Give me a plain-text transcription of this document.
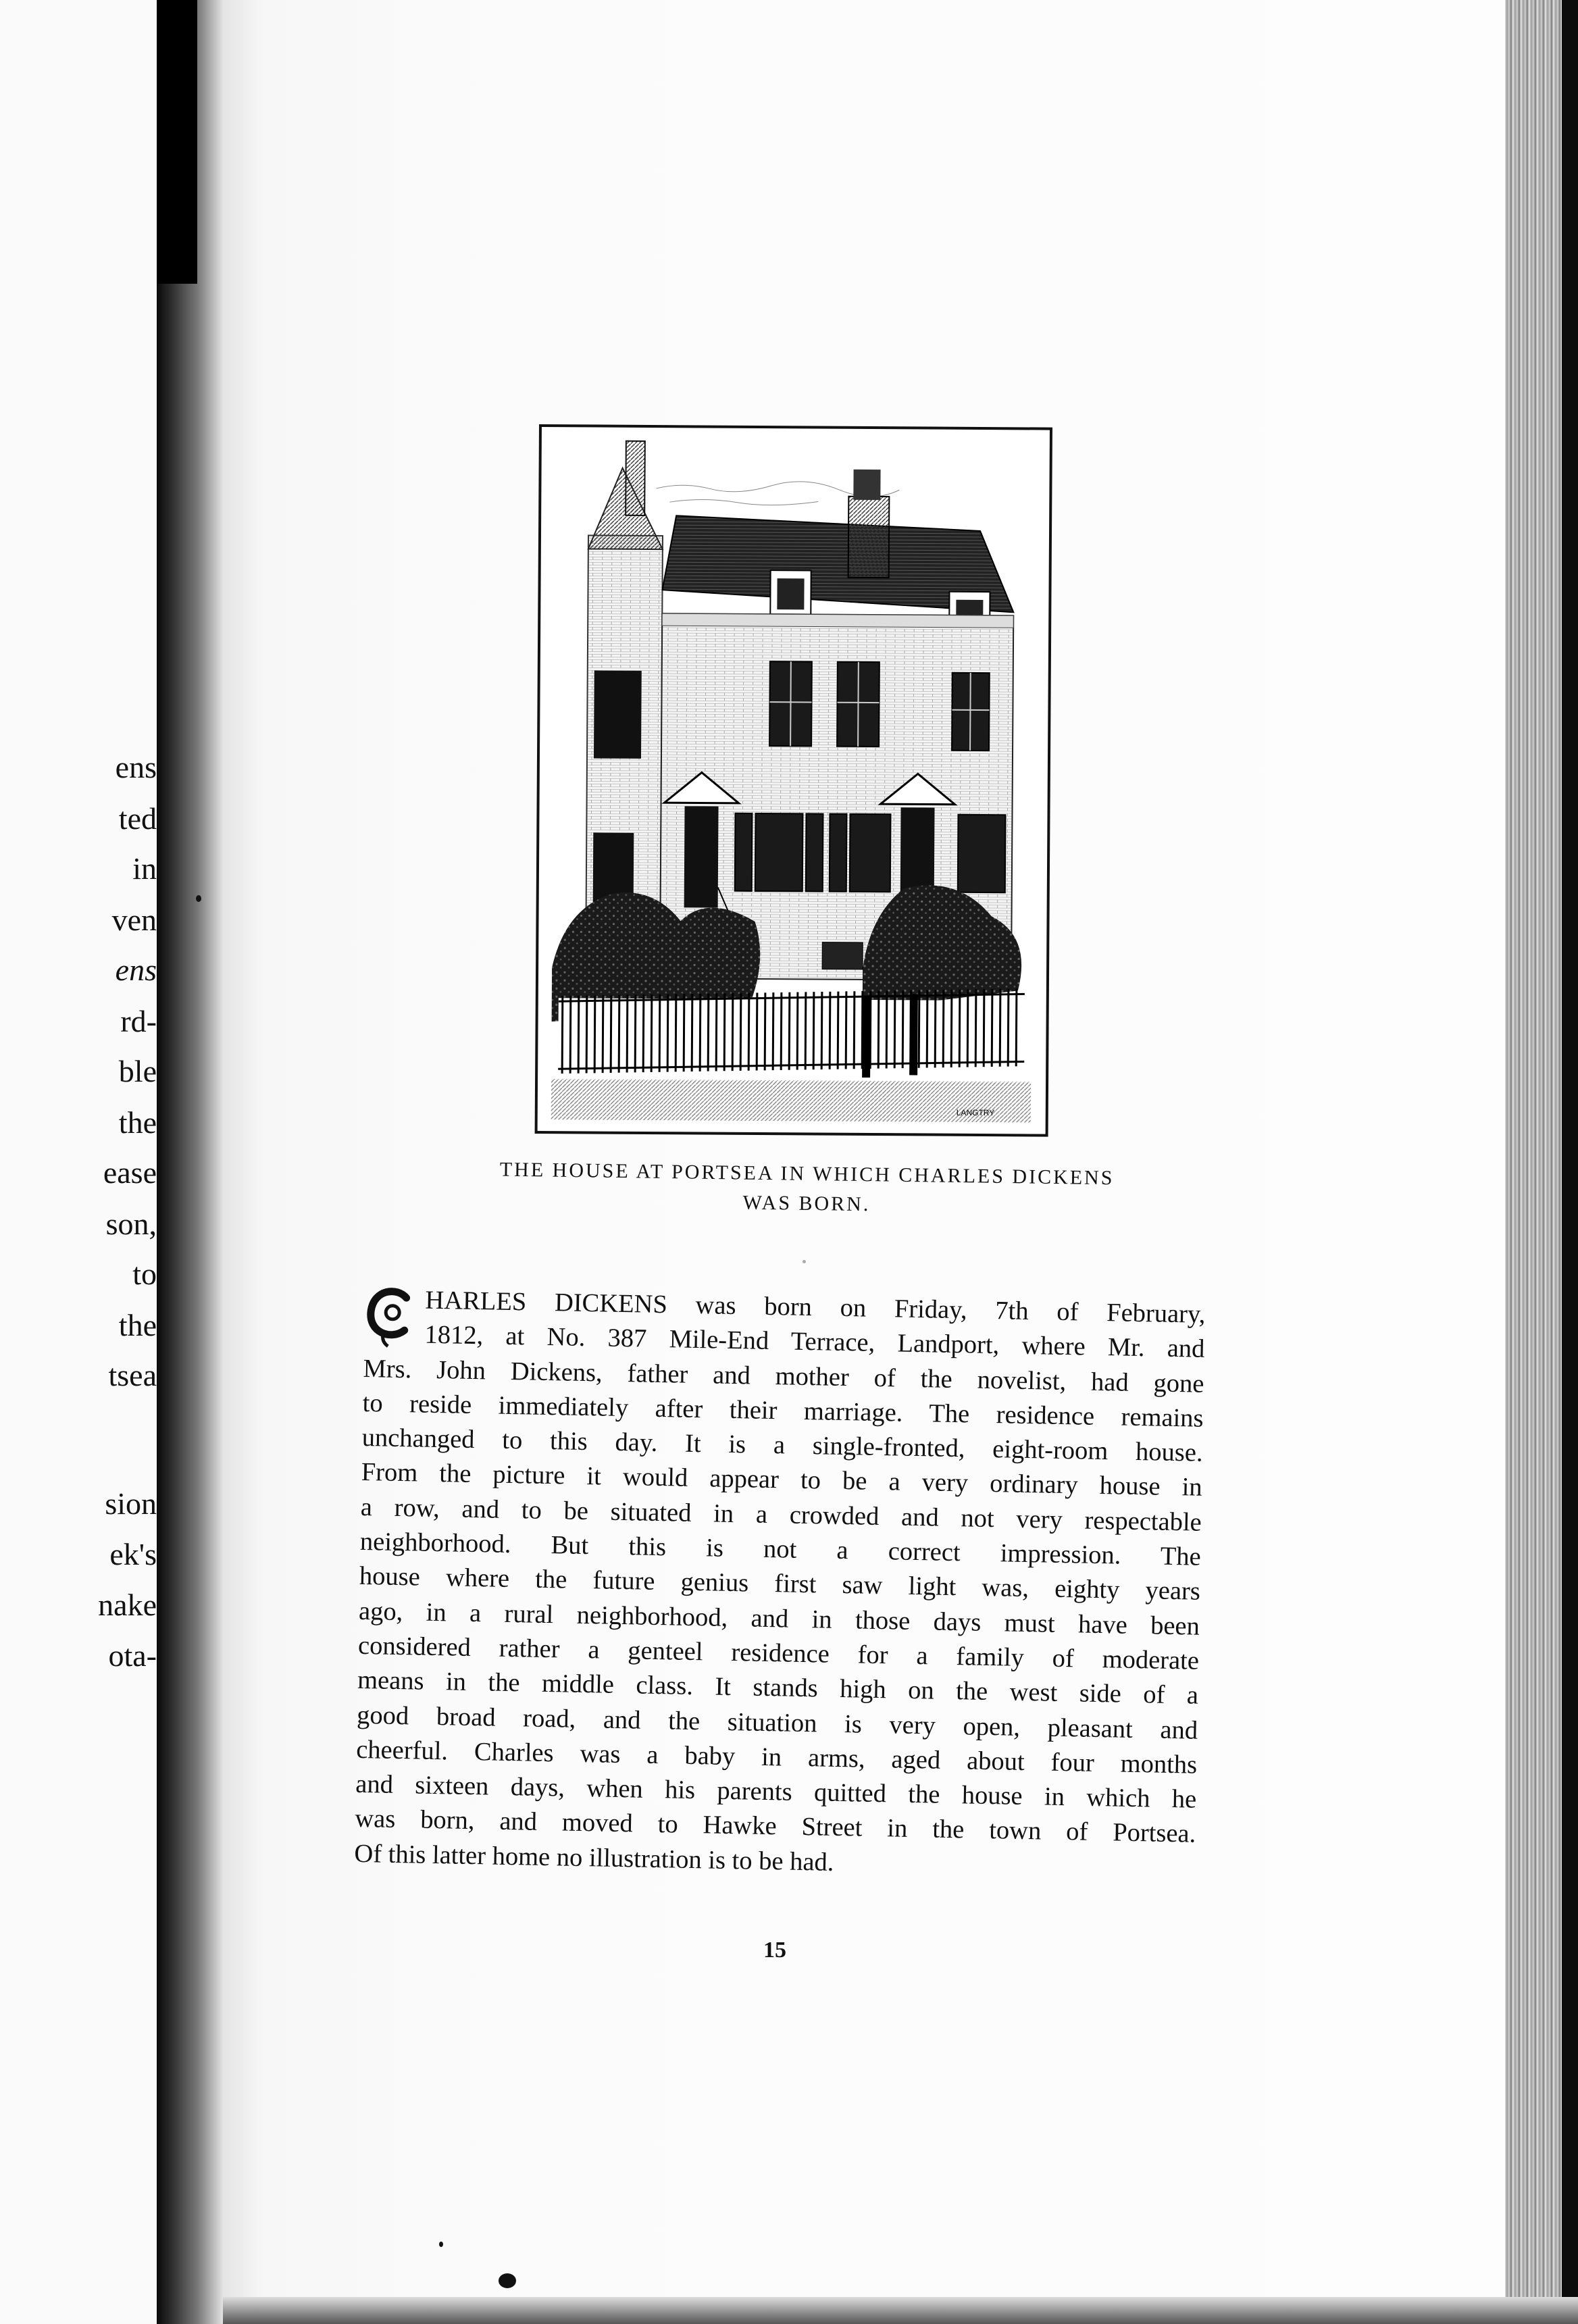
ens
ted
in
ven
ens
rd-
ble
the
ease
son,
to
the
tsea
sion
ek's
nake
ota-
LANGTRY
THE HOUSE AT PORTSEA IN WHICH CHARLES DICKENS
WAS BORN.
HARLES DICKENS was born on Friday, 7th of February,
1812, at No. 387 Mile-End Terrace, Landport, where Mr. and
Mrs. John Dickens, father and mother of the novelist, had gone
to reside immediately after their marriage. The residence remains
unchanged to this day. It is a single-fronted, eight-room house.
From the picture it would appear to be a very ordinary house in
a row, and to be situated in a crowded and not very respectable
neighborhood. But this is not a correct impression. The
house where the future genius first saw light was, eighty years
ago, in a rural neighborhood, and in those days must have been
considered rather a genteel residence for a family of moderate
means in the middle class. It stands high on the west side of a
good broad road, and the situation is very open, pleasant and
cheerful. Charles was a baby in arms, aged about four months
and sixteen days, when his parents quitted the house in which he
was born, and moved to Hawke Street in the town of Portsea.
Of this latter home no illustration is to be had.
15
